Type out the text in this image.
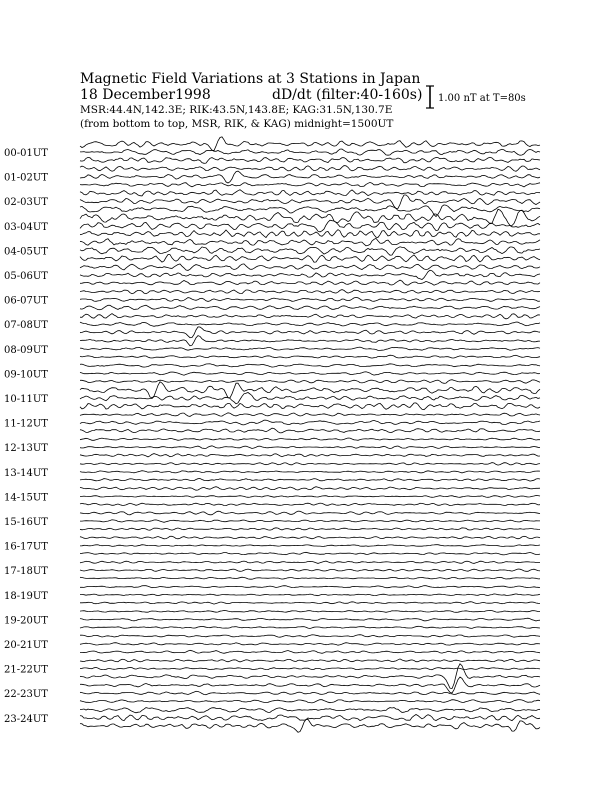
Magnetic Field Variations at 3 Stations in Japan
18 December1998	dD/dt (filter:40-160s)
MSR:44.4N,142.3E; RIK:43.5N,143.8E; KAG:31.5N,130.7E
(from bottom to top, MSR, RIK, & KAG) midnight=1500UT
1.00 nT at T=80s
00-01UT
01-02UT
02-03UT
03-04UT
04-05UT
05-06UT
06-07UT
07-08UT
08-09UT
09-10UT
10-11UT
11-12UT
12-13UT
13-14UT
14-15UT
15-16UT
16-17UT
17-18UT
18-19UT
19-20UT
20-21UT
21-22UT
22-23UT
23-24UT
